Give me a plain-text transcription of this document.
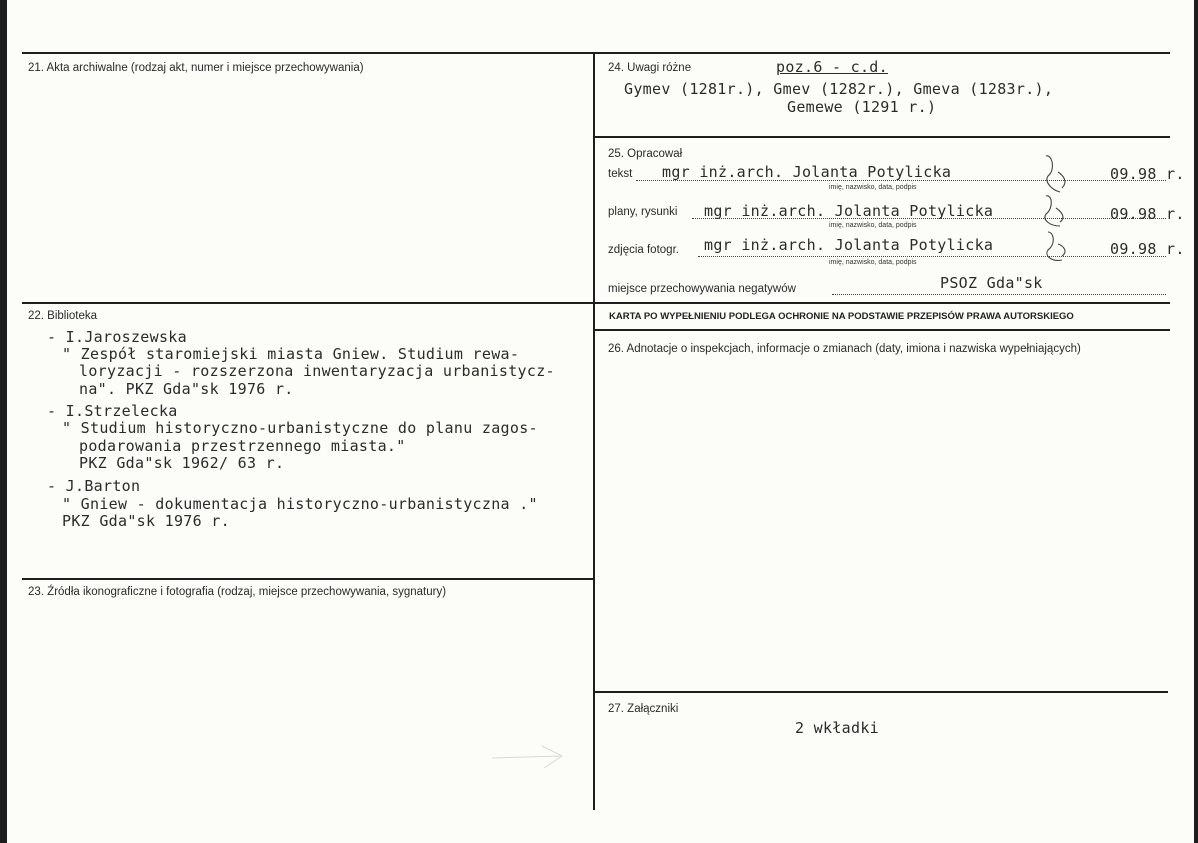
21. Akta archiwalne (rodzaj akt, numer i miejsce przechowywania)
22. Biblioteka
- I.Jaroszewska
" Zespół staromiejski miasta Gniew. Studium rewa-
loryzacji - rozszerzona inwentaryzacja urbanistycz-
na". PKZ Gda"sk 1976 r.
- I.Strzelecka
" Studium historyczno-urbanistyczne do planu zagos-
podarowania przestrzennego miasta."
PKZ Gda"sk 1962/ 63 r.
- J.Barton
" Gniew - dokumentacja historyczno-urbanistyczna ."
PKZ Gda"sk 1976 r.
23. Źródła ikonograficzne i fotografia (rodzaj, miejsce przechowywania, sygnatury)
24. Uwagi różne	poz.6 - c.d.
Gymev (1281r.), Gmev (1282r.), Gmeva (1283r.),
Gemewe (1291 r.)
25. Opracował
tekst mgr inż.arch. Jolanta Potylicka	09.98 r.
imię, nazwisko, data, podpis
plany, rysunki mgr inż.arch. Jolanta Potylicka	09.98 r.
imię, nazwisko, data, podpis
zdjęcia fotogr. mgr inż.arch. Jolanta Potylicka	09.98 r.
imię, nazwisko, data, podpis
miejsce przechowywania negatywów	PSOZ Gda"sk
KARTA PO WYPEŁNIENIU PODLEGA OCHRONIE NA PODSTAWIE PRZEPISÓW PRAWA AUTORSKIEGO
26. Adnotacje o inspekcjach, informacje o zmianach (daty, imiona i nazwiska wypełniających)
27. Załączniki
2 wkładki
